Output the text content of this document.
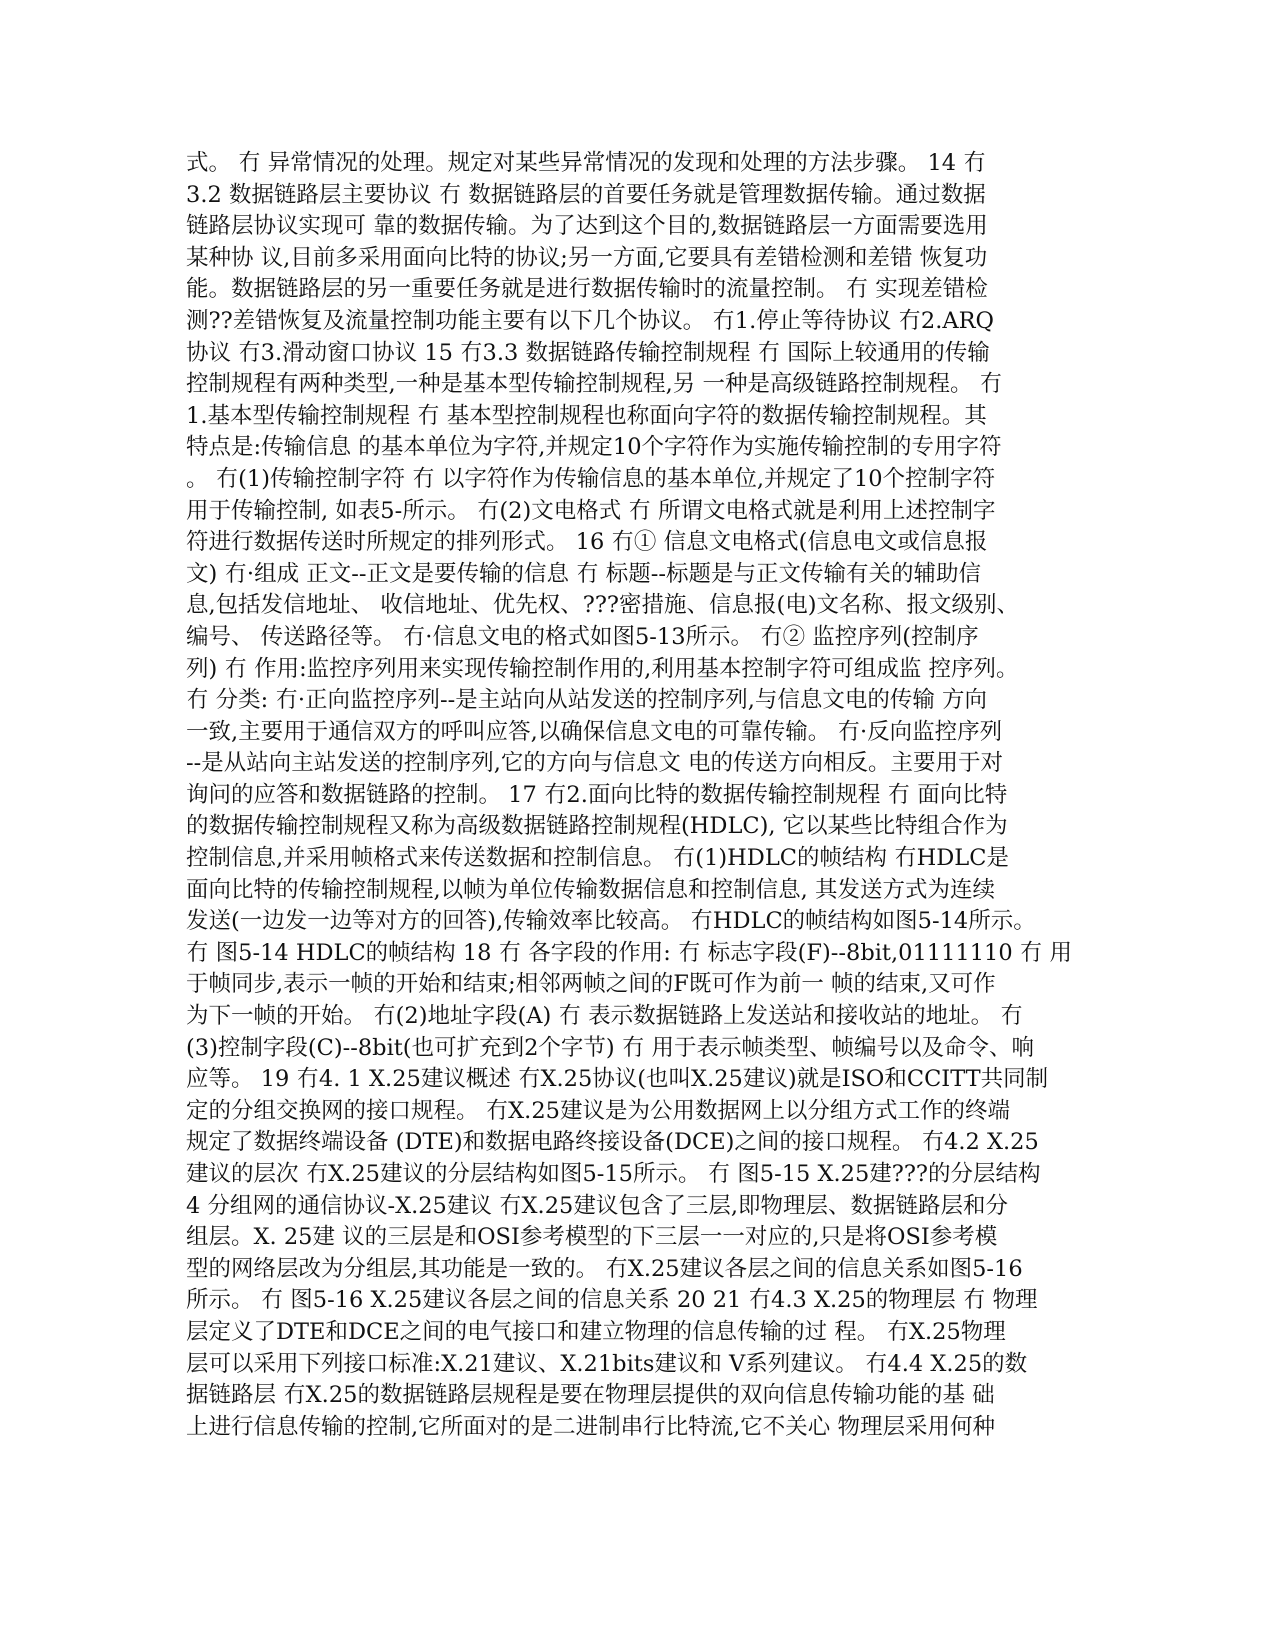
式。 冇 异常情况的处理。规定对某些异常情况的发现和处理的方法步骤。 14 冇
3.2 数据链路层主要协议 冇 数据链路层的首要任务就是管理数据传输。通过数据
链路层协议实现可 靠的数据传输。为了达到这个目的,数据链路层一方面需要选用
某种协 议,目前多采用面向比特的协议;另一方面,它要具有差错检测和差错 恢复功
能。数据链路层的另一重要任务就是进行数据传输时的流量控制。 冇 实现差错检
测??差错恢复及流量控制功能主要有以下几个协议。 冇1.停止等待协议 冇2.ARQ
协议 冇3.滑动窗口协议 15 冇3.3 数据链路传输控制规程 冇 国际上较通用的传输
控制规程有两种类型,一种是基本型传输控制规程,另 一种是高级链路控制规程。 冇
1.基本型传输控制规程 冇 基本型控制规程也称面向字符的数据传输控制规程。其
特点是:传输信息 的基本单位为字符,并规定10个字符作为实施传输控制的专用字符
。 冇(1)传输控制字符 冇 以字符作为传输信息的基本单位,并规定了10个控制字符
用于传输控制, 如表5-所示。 冇(2)文电格式 冇 所谓文电格式就是利用上述控制字
符进行数据传送时所规定的排列形式。 16 冇① 信息文电格式(信息电文或信息报
文) 冇·组成 正文--正文是要传输的信息 冇 标题--标题是与正文传输有关的辅助信
息,包括发信地址、 收信地址、优先权、???密措施、信息报(电)文名称、报文级别、
编号、 传送路径等。 冇·信息文电的格式如图5-13所示。 冇② 监控序列(控制序
列) 冇 作用:监控序列用来实现传输控制作用的,利用基本控制字符可组成监 控序列。
冇 分类: 冇·正向监控序列--是主站向从站发送的控制序列,与信息文电的传输 方向
一致,主要用于通信双方的呼叫应答,以确保信息文电的可靠传输。 冇·反向监控序列
--是从站向主站发送的控制序列,它的方向与信息文 电的传送方向相反。主要用于对
询问的应答和数据链路的控制。 17 冇2.面向比特的数据传输控制规程 冇 面向比特
的数据传输控制规程又称为高级数据链路控制规程(HDLC), 它以某些比特组合作为
控制信息,并采用帧格式来传送数据和控制信息。 冇(1)HDLC的帧结构 冇HDLC是
面向比特的传输控制规程,以帧为单位传输数据信息和控制信息, 其发送方式为连续
发送(一边发一边等对方的回答),传输效率比较高。 冇HDLC的帧结构如图5-14所示。
冇 图5-14 HDLC的帧结构 18 冇 各字段的作用: 冇 标志字段(F)--8bit,01111110 冇 用
于帧同步,表示一帧的开始和结束;相邻两帧之间的F既可作为前一 帧的结束,又可作
为下一帧的开始。 冇(2)地址字段(A) 冇 表示数据链路上发送站和接收站的地址。 冇
(3)控制字段(C)--8bit(也可扩充到2个字节) 冇 用于表示帧类型、帧编号以及命令、响
应等。 19 冇4. 1 X.25建议概述 冇X.25协议(也叫X.25建议)就是ISO和CCITT共同制
定的分组交换网的接口规程。 冇X.25建议是为公用数据网上以分组方式工作的终端
规定了数据终端设备 (DTE)和数据电路终接设备(DCE)之间的接口规程。 冇4.2 X.25
建议的层次 冇X.25建议的分层结构如图5-15所示。 冇 图5-15 X.25建???的分层结构
4 分组网的通信协议-X.25建议 冇X.25建议包含了三层,即物理层、数据链路层和分
组层。X. 25建 议的三层是和OSI参考模型的下三层一一对应的,只是将OSI参考模
型的网络层改为分组层,其功能是一致的。 冇X.25建议各层之间的信息关系如图5-16
所示。 冇 图5-16 X.25建议各层之间的信息关系 20 21 冇4.3 X.25的物理层 冇 物理
层定义了DTE和DCE之间的电气接口和建立物理的信息传输的过 程。 冇X.25物理
层可以采用下列接口标准:X.21建议、X.21bits建议和 V系列建议。 冇4.4 X.25的数
据链路层 冇X.25的数据链路层规程是要在物理层提供的双向信息传输功能的基 础
上进行信息传输的控制,它所面对的是二进制串行比特流,它不关心 物理层采用何种
